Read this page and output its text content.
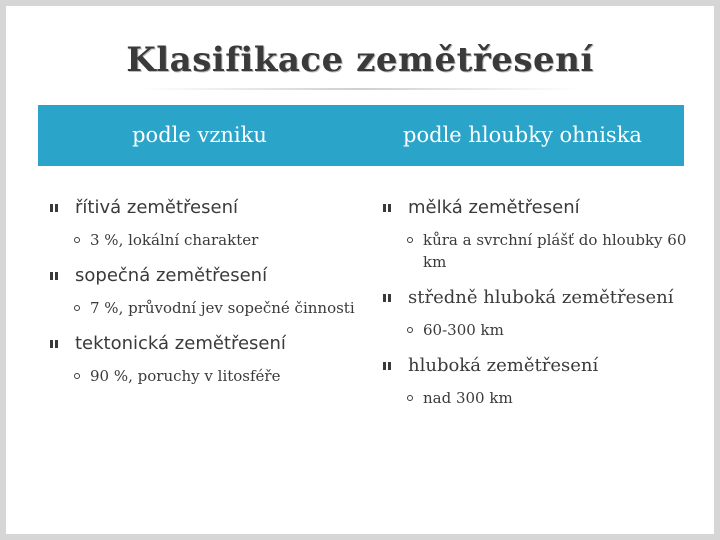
Klasifikace zemětřesení
podle vzniku	podle hloubky ohniska
řítivá zemětřesení
3 %, lokální charakter
sopečná zemětřesení
7 %, průvodní jev sopečné činnosti
tektonická zemětřesení
90 %, poruchy v litosféře
mělká zemětřesení
kůra a svrchní plášť do hloubky 60 km
středně hluboká zemětřesení
60-300 km
hluboká zemětřesení
nad 300 km
